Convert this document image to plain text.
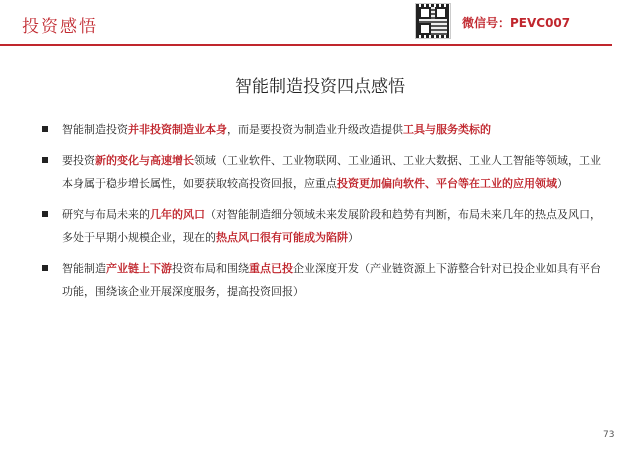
投资感悟	微信号：PEVC007
智能制造投资四点感悟
智能制造投资并非投资制造业本身，而是要投资为制造业升级改造提供工具与服务类标的
要投资新的变化与高速增长领域（工业软件、工业物联网、工业通讯、工业大数据、工业人工智能等领域，工业本身属于稳步增长属性，如要获取较高投资回报，应重点投资更加偏向软件、平台等在工业的应用领域）
研究与布局未来的几年的风口（对智能制造细分领域未来发展阶段和趋势有判断，布局未来几年的热点及风口，多处于早期小规模企业，现在的热点风口很有可能成为陷阱）
智能制造产业链上下游投资布局和围绕重点已投企业深度开发（产业链资源上下游整合针对已投企业如具有平台功能，围绕该企业开展深度服务，提高投资回报）
73
